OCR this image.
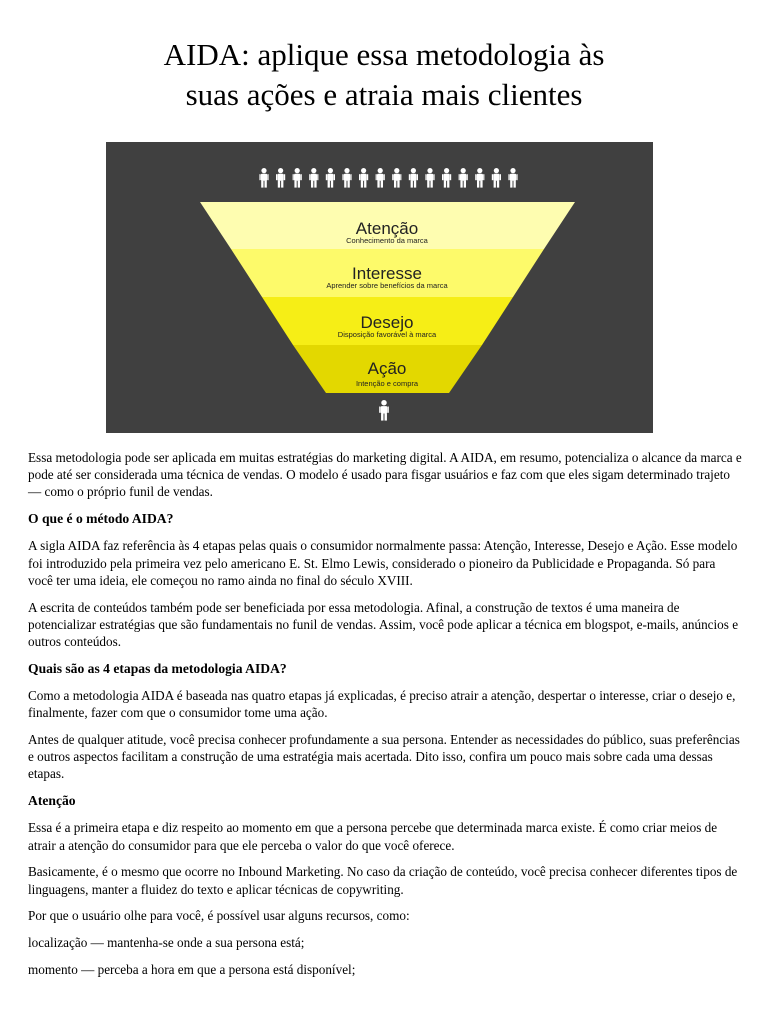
AIDA: aplique essa metodologia às
suas ações e atraia mais clientes
Atenção
Conhecimento da marca
Interesse
Aprender sobre benefícios da marca
Desejo
Disposição favorável à marca
Ação
Intenção e compra

Essa metodologia pode ser aplicada em muitas estratégias do marketing digital. A AIDA, em resumo, potencializa o alcance da marca e pode até ser considerada uma técnica de vendas. O modelo é usado para fisgar usuários e faz com que eles sigam determinado trajeto — como o próprio funil de vendas.

O que é o método AIDA?

A sigla AIDA faz referência às 4 etapas pelas quais o consumidor normalmente passa: Atenção, Interesse, Desejo e Ação. Esse modelo foi introduzido pela primeira vez pelo americano E. St. Elmo Lewis, considerado o pioneiro da Publicidade e Propaganda. Só para você ter uma ideia, ele começou no ramo ainda no final do século XVIII.

A escrita de conteúdos também pode ser beneficiada por essa metodologia. Afinal, a construção de textos é uma maneira de potencializar estratégias que são fundamentais no funil de vendas. Assim, você pode aplicar a técnica em blogspot, e-mails, anúncios e outros conteúdos.

Quais são as 4 etapas da metodologia AIDA?

Como a metodologia AIDA é baseada nas quatro etapas já explicadas, é preciso atrair a atenção, despertar o interesse, criar o desejo e, finalmente, fazer com que o consumidor tome uma ação.

Antes de qualquer atitude, você precisa conhecer profundamente a sua persona. Entender as necessidades do público, suas preferências e outros aspectos facilitam a construção de uma estratégia mais acertada. Dito isso, confira um pouco mais sobre cada uma dessas etapas.

Atenção

Essa é a primeira etapa e diz respeito ao momento em que a persona percebe que determinada marca existe. É como criar meios de atrair a atenção do consumidor para que ele perceba o valor do que você oferece.

Basicamente, é o mesmo que ocorre no Inbound Marketing. No caso da criação de conteúdo, você precisa conhecer diferentes tipos de linguagens, manter a fluidez do texto e aplicar técnicas de copywriting.

Por que o usuário olhe para você, é possível usar alguns recursos, como:

localização — mantenha-se onde a sua persona está;

momento — perceba a hora em que a persona está disponível;
